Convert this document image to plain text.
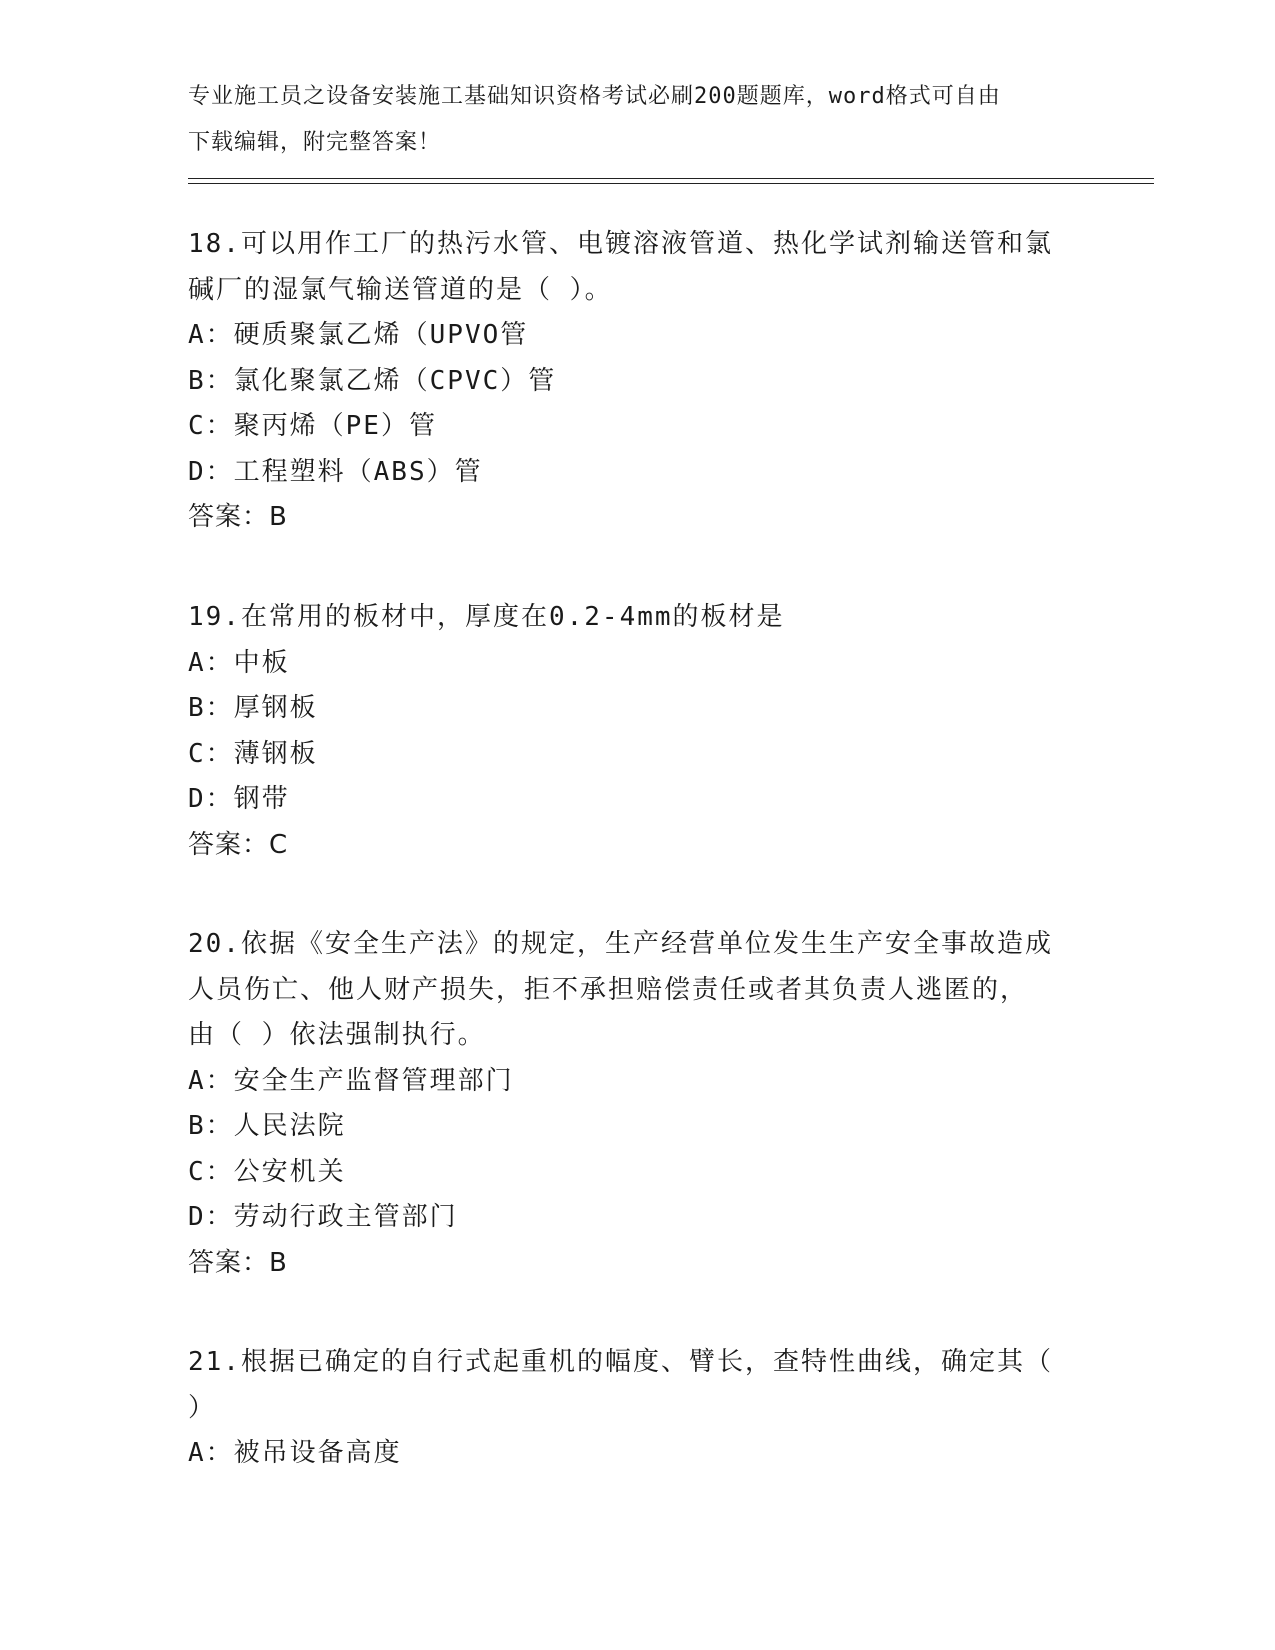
专业施工员之设备安装施工基础知识资格考试必刷200题题库，word格式可自由
下载编辑，附完整答案！
18.可以用作工厂的热污水管、电镀溶液管道、热化学试剂输送管和氯
碱厂的湿氯气输送管道的是（ ）。
A：硬质聚氯乙烯（UPVO管
B：氯化聚氯乙烯（CPVC）管
C：聚丙烯（PE）管
D：工程塑料（ABS）管
答案：B
19.在常用的板材中，厚度在0.2-4mm的板材是
A：中板
B：厚钢板
C：薄钢板
D：钢带
答案：C
20.依据《安全生产法》的规定，生产经营单位发生生产安全事故造成
人员伤亡、他人财产损失，拒不承担赔偿责任或者其负责人逃匿的，
由（ ）依法强制执行。
A：安全生产监督管理部门
B：人民法院
C：公安机关
D：劳动行政主管部门
答案：B
21.根据已确定的自行式起重机的幅度、臂长，查特性曲线，确定其（
）
A：被吊设备高度
